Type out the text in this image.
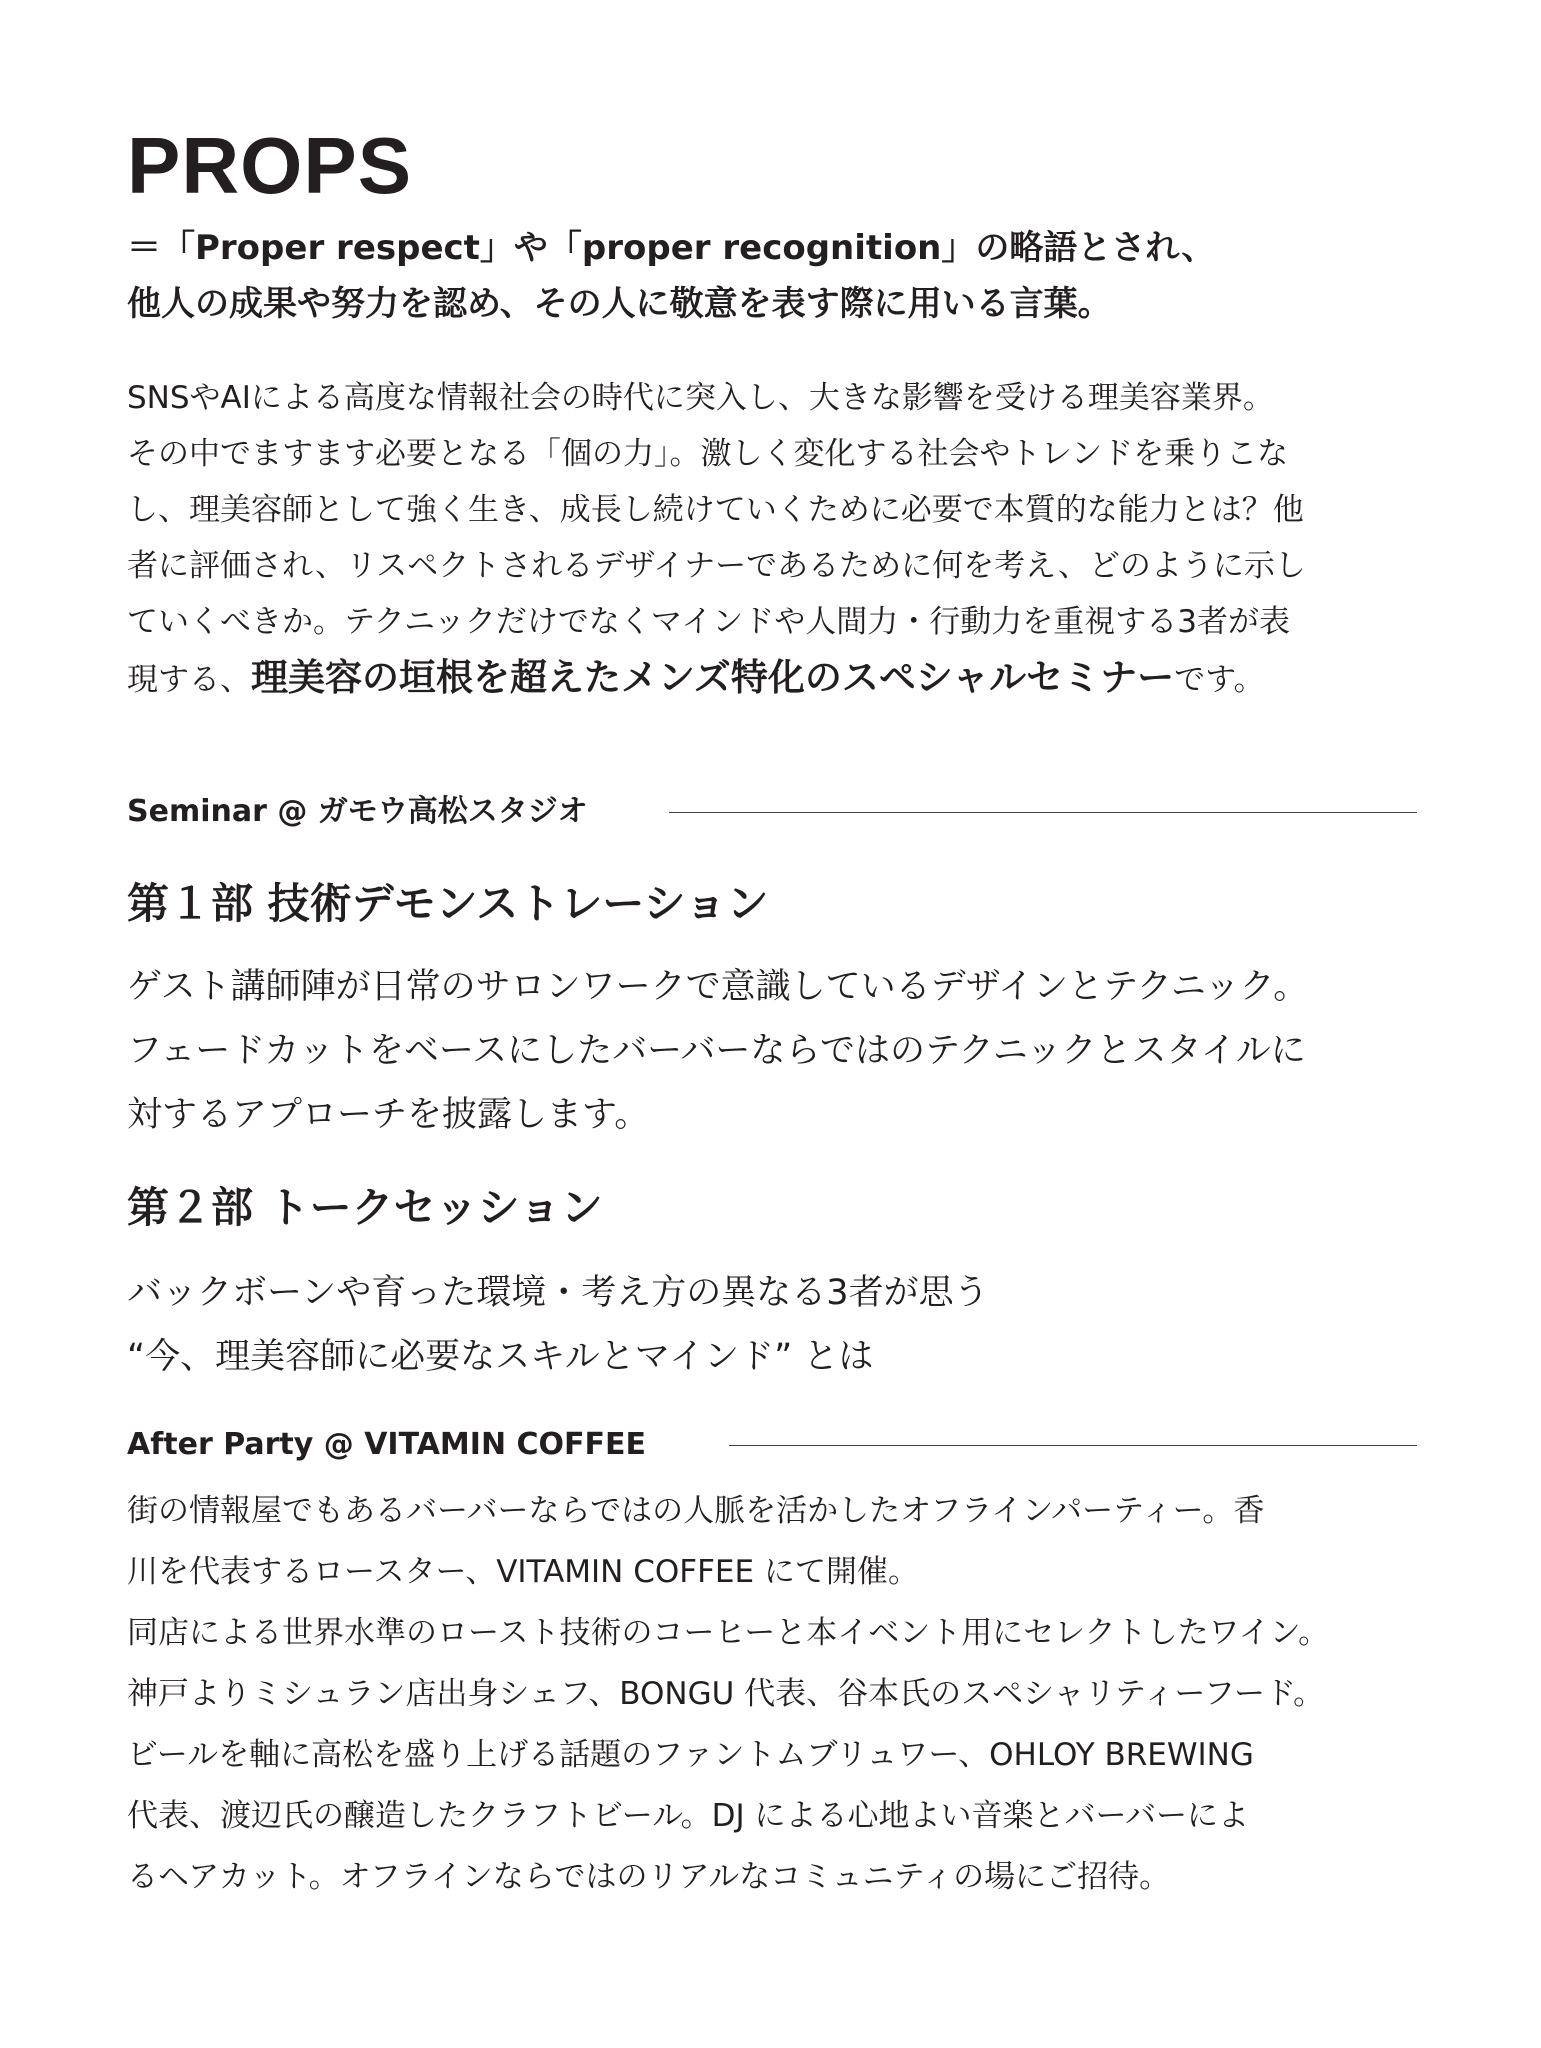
PROPS
＝「Proper respect」や「proper recognition」の略語とされ、
他人の成果や努力を認め、その人に敬意を表す際に用いる言葉。
SNSやAIによる高度な情報社会の時代に突入し、大きな影響を受ける理美容業界。
その中でますます必要となる「個の力」。激しく変化する社会やトレンドを乗りこな
し、理美容師として強く生き、成長し続けていくために必要で本質的な能力とは？他
者に評価され、リスペクトされるデザイナーであるために何を考え、どのように示し
ていくべきか。テクニックだけでなくマインドや人間力・行動力を重視する3者が表
現する、理美容の垣根を超えたメンズ特化のスペシャルセミナーです。
Seminar @ ガモウ高松スタジオ
第１部 技術デモンストレーション
ゲスト講師陣が日常のサロンワークで意識しているデザインとテクニック。
フェードカットをベースにしたバーバーならではのテクニックとスタイルに
対するアプローチを披露します。
第２部 トークセッション
バックボーンや育った環境・考え方の異なる3者が思う
“今、理美容師に必要なスキルとマインド” とは
After Party @ VITAMIN COFFEE
街の情報屋でもあるバーバーならではの人脈を活かしたオフラインパーティー。香
川を代表するロースター、VITAMIN COFFEE にて開催。
同店による世界水準のロースト技術のコーヒーと本イベント用にセレクトしたワイン。
神戸よりミシュラン店出身シェフ、BONGU 代表、谷本氏のスペシャリティーフード。
ビールを軸に高松を盛り上げる話題のファントムブリュワー、OHLOY BREWING
代表、渡辺氏の醸造したクラフトビール。DJ による心地よい音楽とバーバーによ
るヘアカット。オフラインならではのリアルなコミュニティの場にご招待。
